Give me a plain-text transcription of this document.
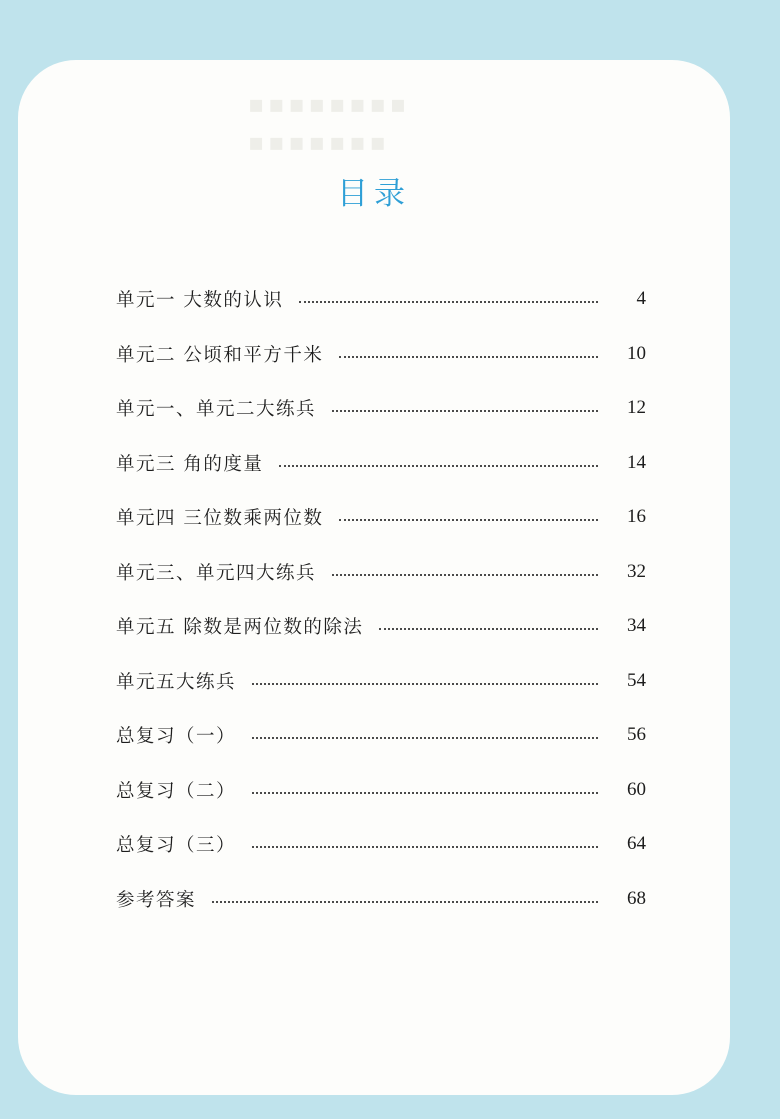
▪▪▪▪▪▪▪▪
▪▪▪▪▪▪▪
目录
单元一 大数的认识	4
单元二 公顷和平方千米	10
单元一、单元二大练兵	12
单元三 角的度量	14
单元四 三位数乘两位数	16
单元三、单元四大练兵	32
单元五 除数是两位数的除法	34
单元五大练兵	54
总复习（一）	56
总复习（二）	60
总复习（三）	64
参考答案	68
